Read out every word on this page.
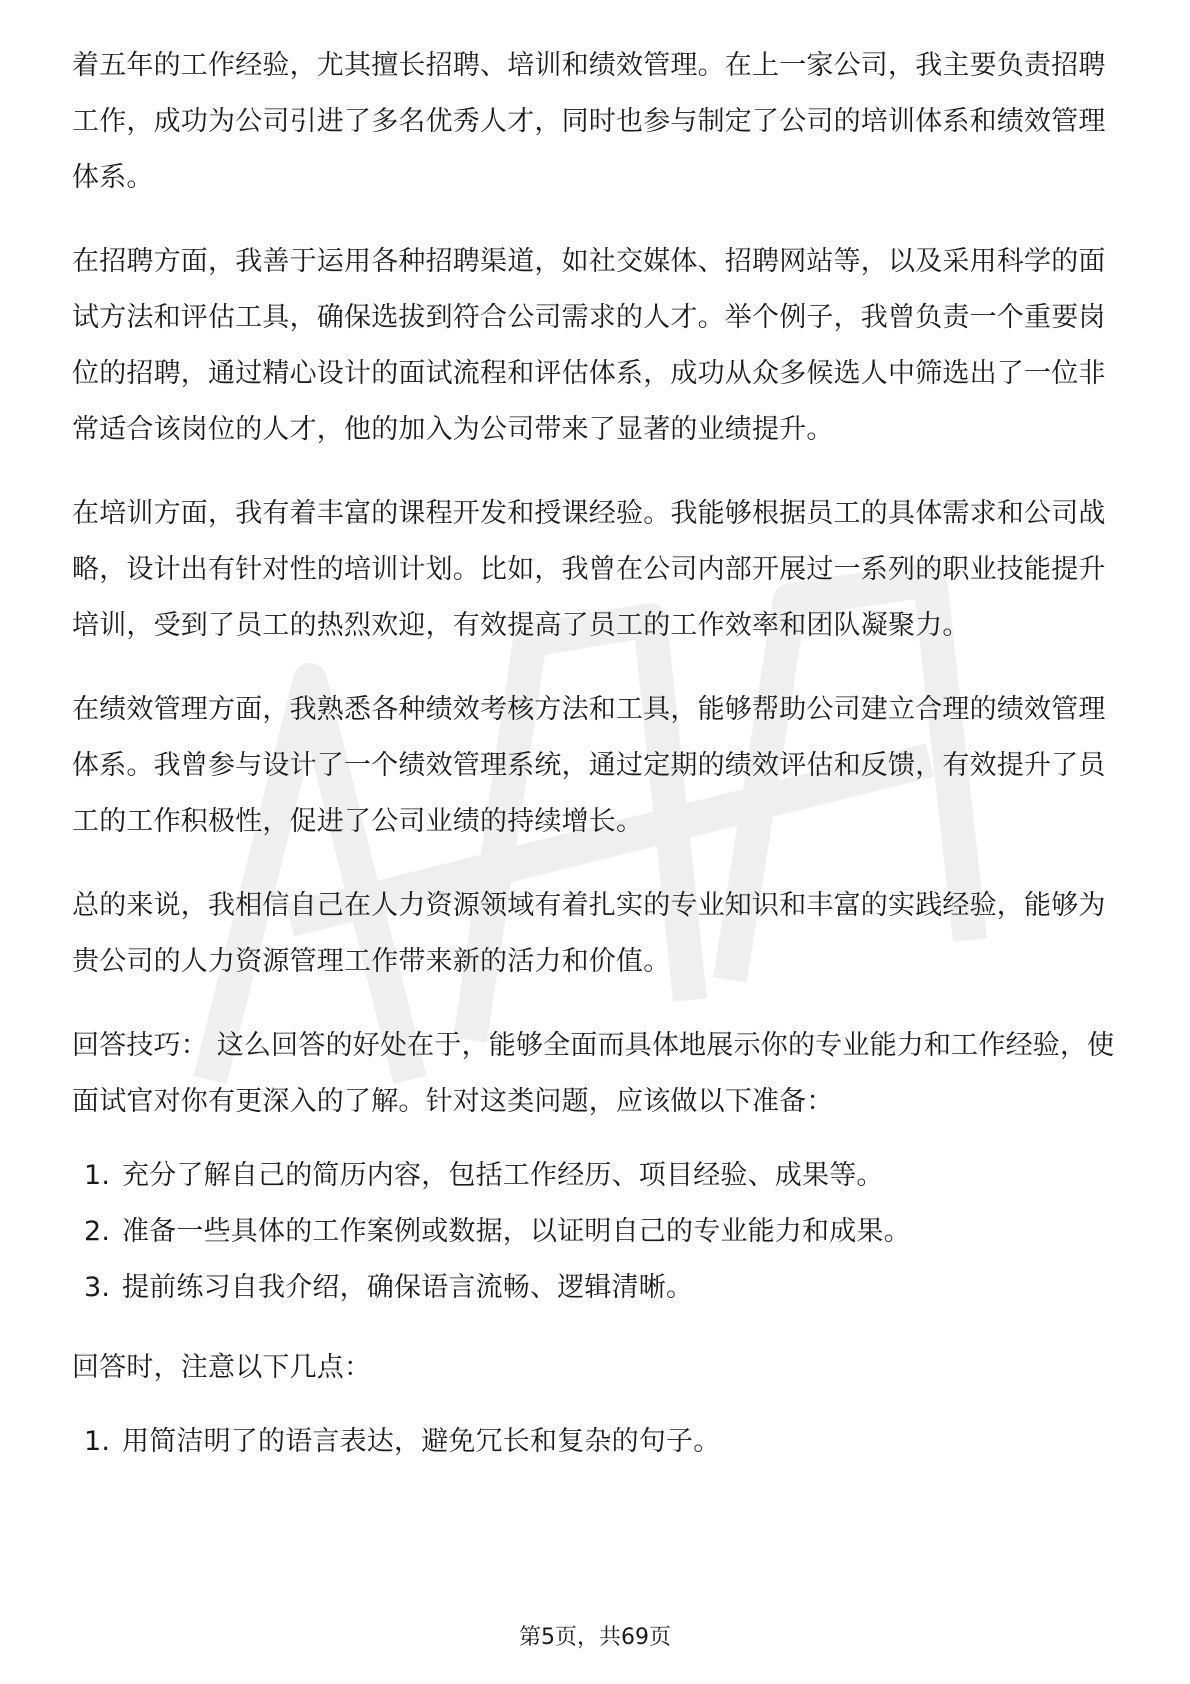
着五年的工作经验，尤其擅长招聘、培训和绩效管理。在上一家公司，我主要负责招聘工作，成功为公司引进了多名优秀人才，同时也参与制定了公司的培训体系和绩效管理体系。

在招聘方面，我善于运用各种招聘渠道，如社交媒体、招聘网站等，以及采用科学的面试方法和评估工具，确保选拔到符合公司需求的人才。举个例子，我曾负责一个重要岗位的招聘，通过精心设计的面试流程和评估体系，成功从众多候选人中筛选出了一位非常适合该岗位的人才，他的加入为公司带来了显著的业绩提升。

在培训方面，我有着丰富的课程开发和授课经验。我能够根据员工的具体需求和公司战略，设计出有针对性的培训计划。比如，我曾在公司内部开展过一系列的职业技能提升培训，受到了员工的热烈欢迎，有效提高了员工的工作效率和团队凝聚力。

在绩效管理方面，我熟悉各种绩效考核方法和工具，能够帮助公司建立合理的绩效管理体系。我曾参与设计了一个绩效管理系统，通过定期的绩效评估和反馈，有效提升了员工的工作积极性，促进了公司业绩的持续增长。

总的来说，我相信自己在人力资源领域有着扎实的专业知识和丰富的实践经验，能够为贵公司的人力资源管理工作带来新的活力和价值。

回答技巧： 这么回答的好处在于，能够全面而具体地展示你的专业能力和工作经验，使面试官对你有更深入的了解。针对这类问题，应该做以下准备：

1. 充分了解自己的简历内容，包括工作经历、项目经验、成果等。
2. 准备一些具体的工作案例或数据，以证明自己的专业能力和成果。
3. 提前练习自我介绍，确保语言流畅、逻辑清晰。

回答时，注意以下几点：

1. 用简洁明了的语言表达，避免冗长和复杂的句子。
第5页，共69页
